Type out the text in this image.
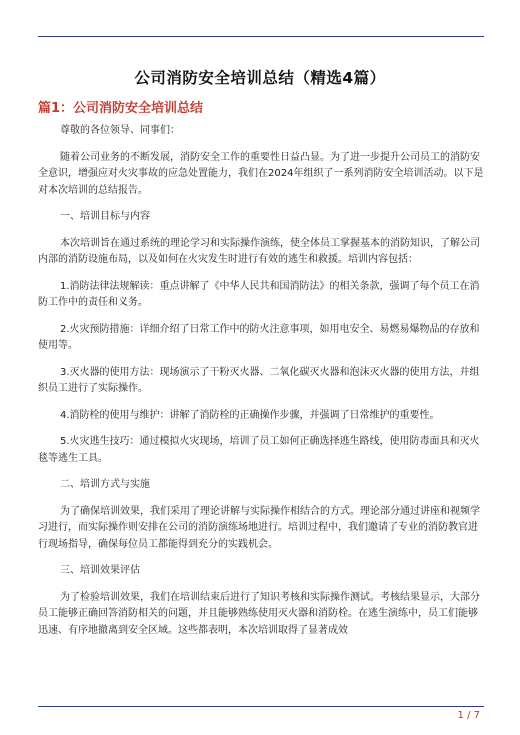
公司消防安全培训总结（精选4篇）
篇1：公司消防安全培训总结

尊敬的各位领导、同事们：

随着公司业务的不断发展，消防安全工作的重要性日益凸显。为了进一步提升公司员工的消防安全意识，增强应对火灾事故的应急处置能力，我们在2024年组织了一系列消防安全培训活动。以下是对本次培训的总结报告。

一、培训目标与内容

本次培训旨在通过系统的理论学习和实际操作演练，使全体员工掌握基本的消防知识，了解公司内部的消防设施布局，以及如何在火灾发生时进行有效的逃生和救援。培训内容包括：

1.消防法律法规解读：重点讲解了《中华人民共和国消防法》的相关条款，强调了每个员工在消防工作中的责任和义务。

2.火灾预防措施：详细介绍了日常工作中的防火注意事项，如用电安全、易燃易爆物品的存放和使用等。

3.灭火器的使用方法：现场演示了干粉灭火器、二氧化碳灭火器和泡沫灭火器的使用方法，并组织员工进行了实际操作。

4.消防栓的使用与维护：讲解了消防栓的正确操作步骤，并强调了日常维护的重要性。

5.火灾逃生技巧：通过模拟火灾现场，培训了员工如何正确选择逃生路线，使用防毒面具和灭火毯等逃生工具。

二、培训方式与实施

为了确保培训效果，我们采用了理论讲解与实际操作相结合的方式。理论部分通过讲座和视频学习进行，而实际操作则安排在公司的消防演练场地进行。培训过程中，我们邀请了专业的消防教官进行现场指导，确保每位员工都能得到充分的实践机会。

三、培训效果评估

为了检验培训效果，我们在培训结束后进行了知识考核和实际操作测试。考核结果显示，大部分员工能够正确回答消防相关的问题，并且能够熟练使用灭火器和消防栓。在逃生演练中，员工们能够迅速、有序地撤离到安全区域。这些都表明，本次培训取得了显著成效

1 / 7
